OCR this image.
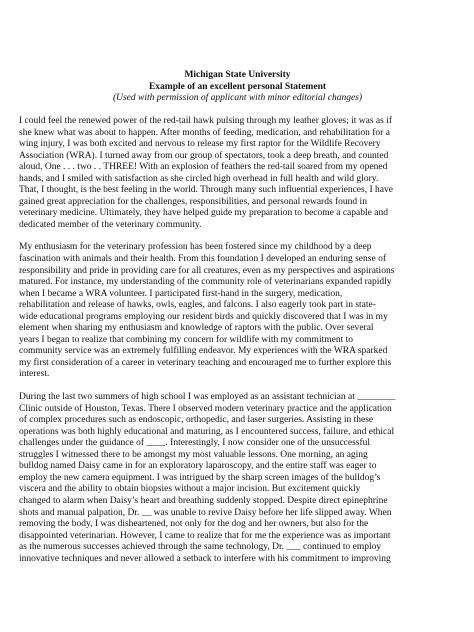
Michigan State University
Example of an excellent personal Statement
(Used with permission of applicant with minor editorial changes)

I could feel the renewed power of the red-tail hawk pulsing through my leather gloves; it was as if
she knew what was about to happen. After months of feeding, medication, and rehabilitation for a
wing injury, I was both excited and nervous to release my first raptor for the Wildlife Recovery
Association (WRA). I turned away from our group of spectators, took a deep breath, and counted
aloud, One . . . two . . THREE! With an explosion of feathers the red-tail soared from my opened
hands, and I smiled with satisfaction as she circled high overhead in full health and wild glory.
That, I thought, is the best feeling in the world. Through many such influential experiences, I have
gained great appreciation for the challenges, responsibilities, and personal rewards found in
veterinary medicine. Ultimately, they have helped guide my preparation to become a capable and
dedicated member of the veterinary community.

My enthusiasm for the veterinary profession has been fostered since my childhood by a deep
fascination with animals and their health. From this foundation I developed an enduring sense of
responsibility and pride in providing care for all creatures, even as my perspectives and aspirations
matured. For instance, my understanding of the community role of veterinarians expanded rapidly
when I became a WRA volunteer. I participated first-hand in the surgery, medication,
rehabilitation and release of hawks, owls, eagles, and falcons. I also eagerly took part in state-
wide educational programs employing our resident birds and quickly discovered that I was in my
element when sharing my enthusiasm and knowledge of raptors with the public. Over several
years I began to realize that combining my concern for wildlife with my commitment to
community service was an extremely fulfilling endeavor. My experiences with the WRA sparked
my first consideration of a career in veterinary teaching and encouraged me to further explore this
interest.

During the last two summers of high school I was employed as an assistant technician at ________
Clinic outside of Houston, Texas. There I observed modern veterinary practice and the application
of complex procedures such as endoscopic, orthopedic, and laser surgeries. Assisting in these
operations was both highly educational and maturing, as I encountered success, failure, and ethical
challenges under the guidance of ____. Interestingly, I now consider one of the unsuccessful
struggles I witnessed there to be amongst my most valuable lessons. One morning, an aging
bulldog named Daisy came in for an exploratory laparoscopy, and the entire staff was eager to
employ the new camera equipment. I was intrigued by the sharp screen images of the bulldog’s
viscera and the ability to obtain biopsies without a major incision. But excitement quickly
changed to alarm when Daisy’s heart and breathing suddenly stopped. Despite direct epinephrine
shots and manual palpation, Dr. __ was unable to revive Daisy before her life slipped away. When
removing the body, I was disheartened, not only for the dog and her owners, but also for the
disappointed veterinarian. However, I came to realize that for me the experience was as important
as the numerous successes achieved through the same technology, Dr. ___ continued to employ
innovative techniques and never allowed a setback to interfere with his commitment to improving
